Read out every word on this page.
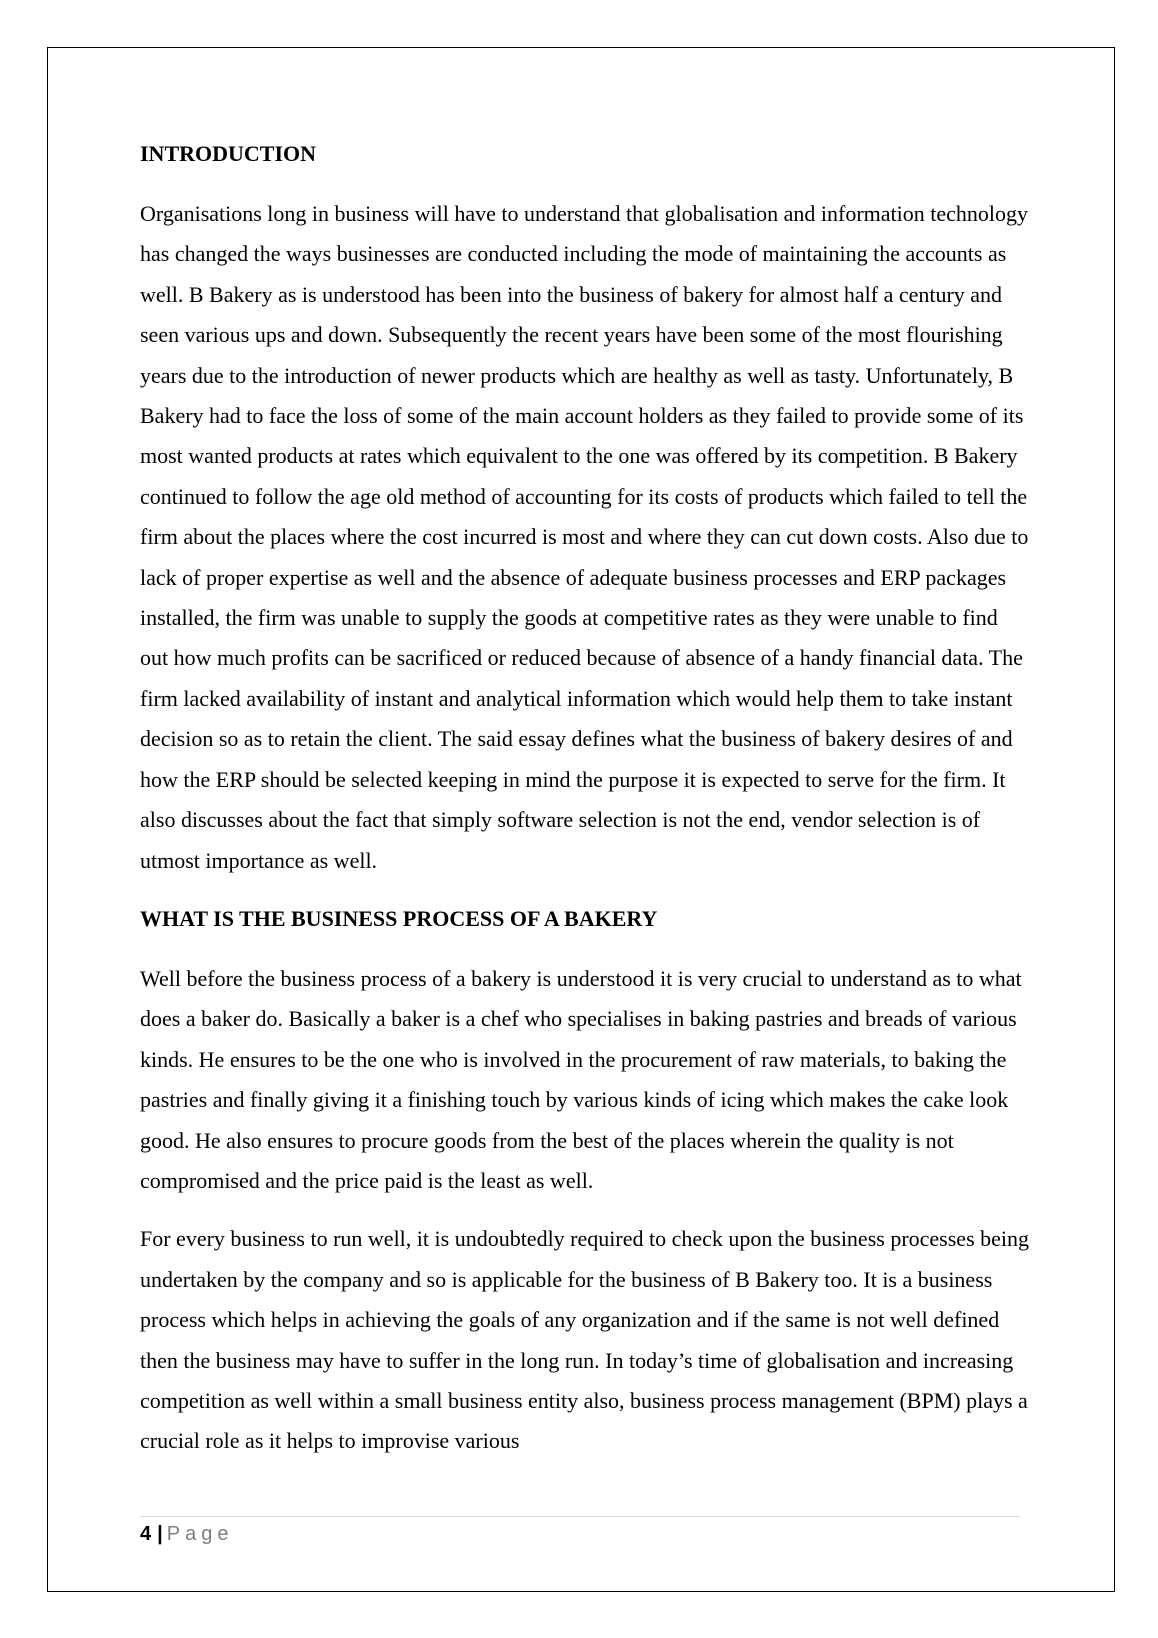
INTRODUCTION

Organisations long in business will have to understand that globalisation and information technology has changed the ways businesses are conducted including the mode of maintaining the accounts as well. B Bakery as is understood has been into the business of bakery for almost half a century and seen various ups and down. Subsequently the recent years have been some of the most flourishing years due to the introduction of newer products which are healthy as well as tasty. Unfortunately, B Bakery had to face the loss of some of the main account holders as they failed to provide some of its most wanted products at rates which equivalent to the one was offered by its competition. B Bakery continued to follow the age old method of accounting for its costs of products which failed to tell the firm about the places where the cost incurred is most and where they can cut down costs. Also due to lack of proper expertise as well and the absence of adequate business processes and ERP packages installed, the firm was unable to supply the goods at competitive rates as they were unable to find out how much profits can be sacrificed or reduced because of absence of a handy financial data. The firm lacked availability of instant and analytical information which would help them to take instant decision so as to retain the client. The said essay defines what the business of bakery desires of and how the ERP should be selected keeping in mind the purpose it is expected to serve for the firm. It also discusses about the fact that simply software selection is not the end, vendor selection is of utmost importance as well.

WHAT IS THE BUSINESS PROCESS OF A BAKERY

Well before the business process of a bakery is understood it is very crucial to understand as to what does a baker do. Basically a baker is a chef who specialises in baking pastries and breads of various kinds. He ensures to be the one who is involved in the procurement of raw materials, to baking the pastries and finally giving it a finishing touch by various kinds of icing which makes the cake look good. He also ensures to procure goods from the best of the places wherein the quality is not compromised and the price paid is the least as well.

For every business to run well, it is undoubtedly required to check upon the business processes being undertaken by the company and so is applicable for the business of B Bakery too. It is a business process which helps in achieving the goals of any organization and if the same is not well defined then the business may have to suffer in the long run. In today’s time of globalisation and increasing competition as well within a small business entity also, business process management (BPM) plays a crucial role as it helps to improvise various

4 | Page
